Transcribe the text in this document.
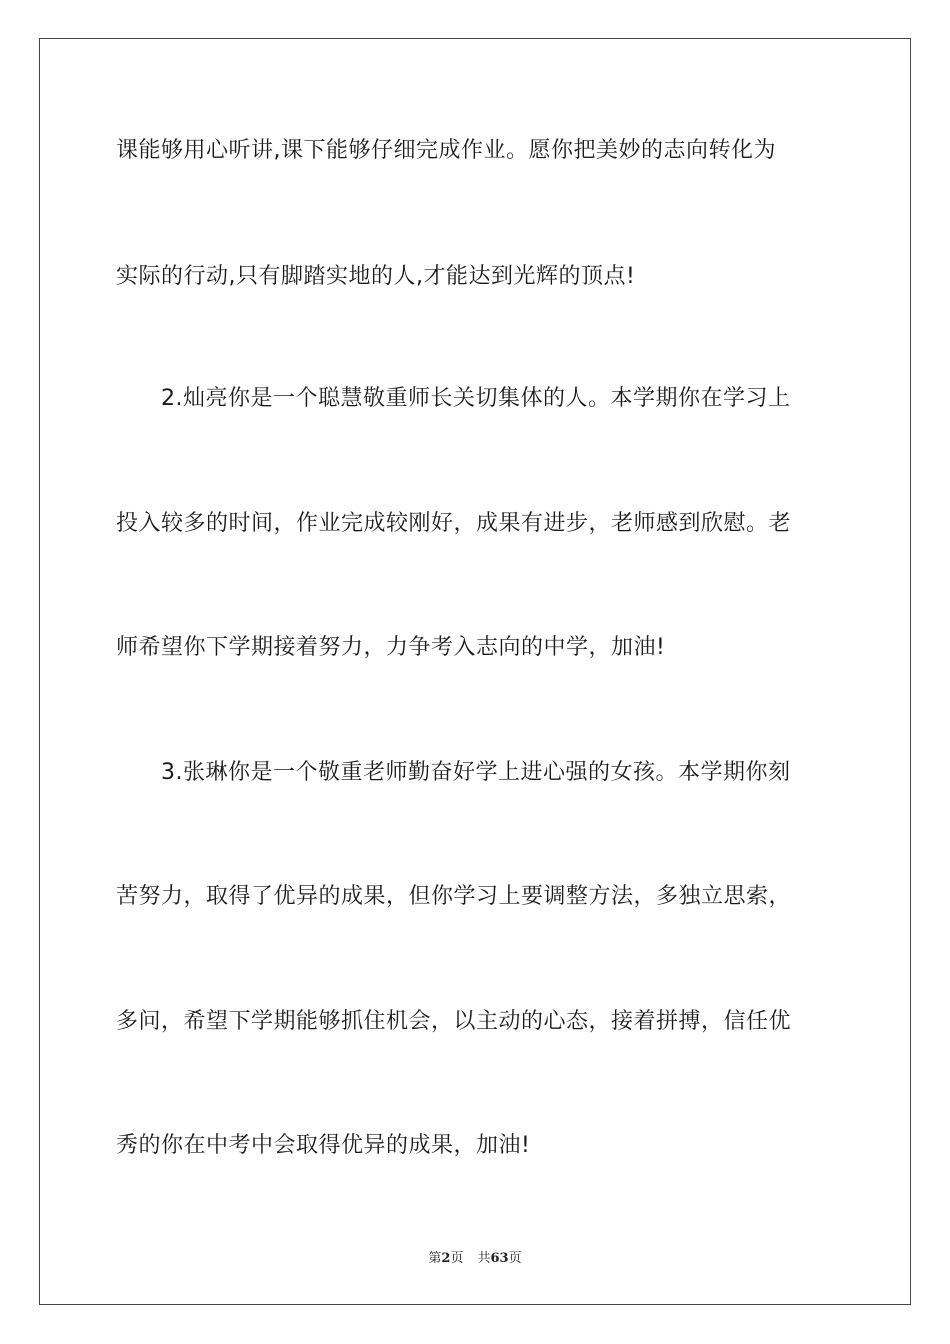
课能够用心听讲,课下能够仔细完成作业。愿你把美妙的志向转化为
实际的行动,只有脚踏实地的人,才能达到光辉的顶点!
　　2.灿亮你是一个聪慧敬重师长关切集体的人。本学期你在学习上
投入较多的时间，作业完成较刚好，成果有进步，老师感到欣慰。老
师希望你下学期接着努力，力争考入志向的中学，加油!
　　3.张琳你是一个敬重老师勤奋好学上进心强的女孩。本学期你刻
苦努力，取得了优异的成果，但你学习上要调整方法，多独立思索，
多问，希望下学期能够抓住机会，以主动的心态，接着拼搏，信任优
秀的你在中考中会取得优异的成果，加油!
第2页 共63页
